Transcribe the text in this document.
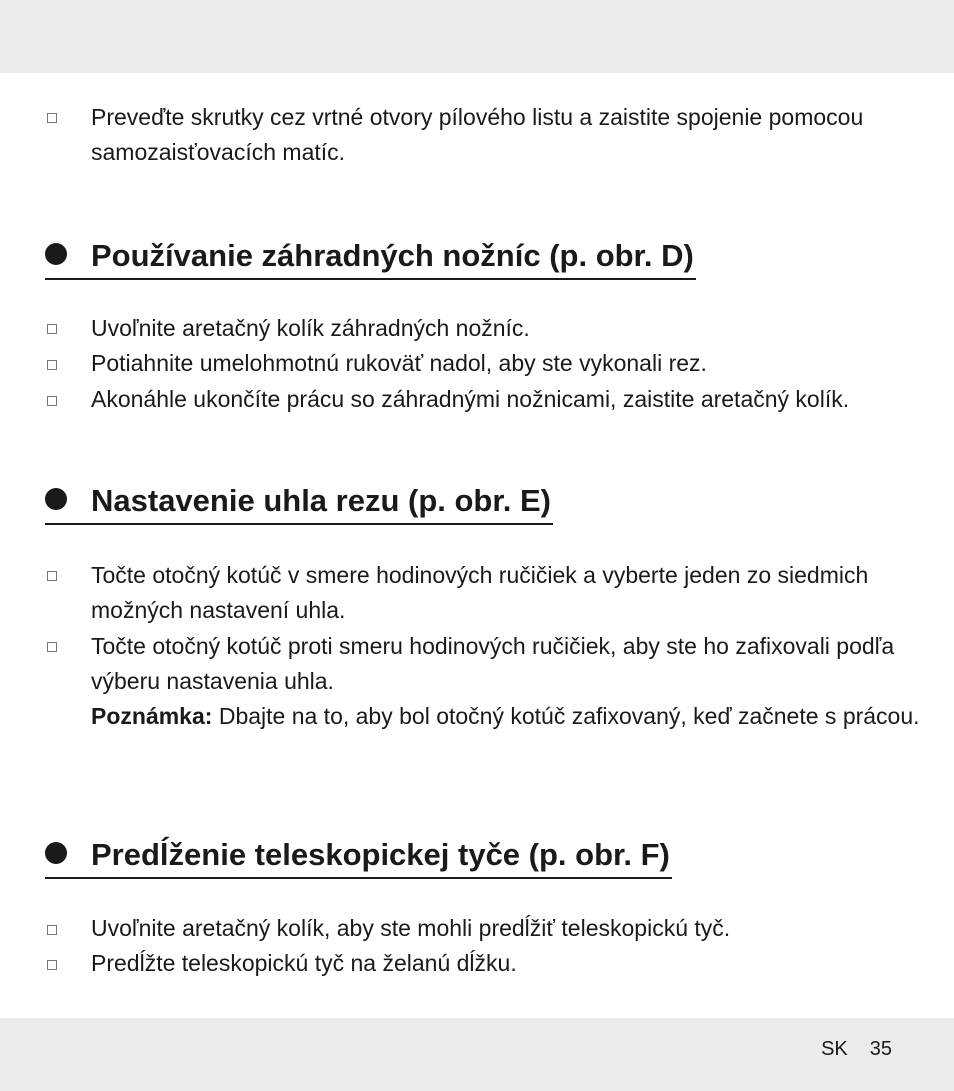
Preveďte skrutky cez vrtné otvory pílového listu a zaistite spojenie pomocou samozaisťovacích matíc.
Používanie záhradných nožníc (p. obr. D)
Uvoľnite aretačný kolík záhradných nožníc.
Potiahnite umelohmotnú rukoväť nadol, aby ste vykonali rez.
Akonáhle ukončíte prácu so záhradnými nožnicami, zaistite aretačný kolík.
Nastavenie uhla rezu (p. obr. E)
Točte otočný kotúč v smere hodinových ručičiek a vyberte jeden zo siedmich možných nastavení uhla.
Točte otočný kotúč proti smeru hodinových ručičiek, aby ste ho zafixovali podľa výberu nastavenia uhla.
Poznámka: Dbajte na to, aby bol otočný kotúč zafixovaný, keď začnete s prácou.
Predĺženie teleskopickej tyče (p. obr. F)
Uvoľnite aretačný kolík, aby ste mohli predĺžiť teleskopickú tyč.
Predĺžte teleskopickú tyč na želanú dĺžku.
SK 35
